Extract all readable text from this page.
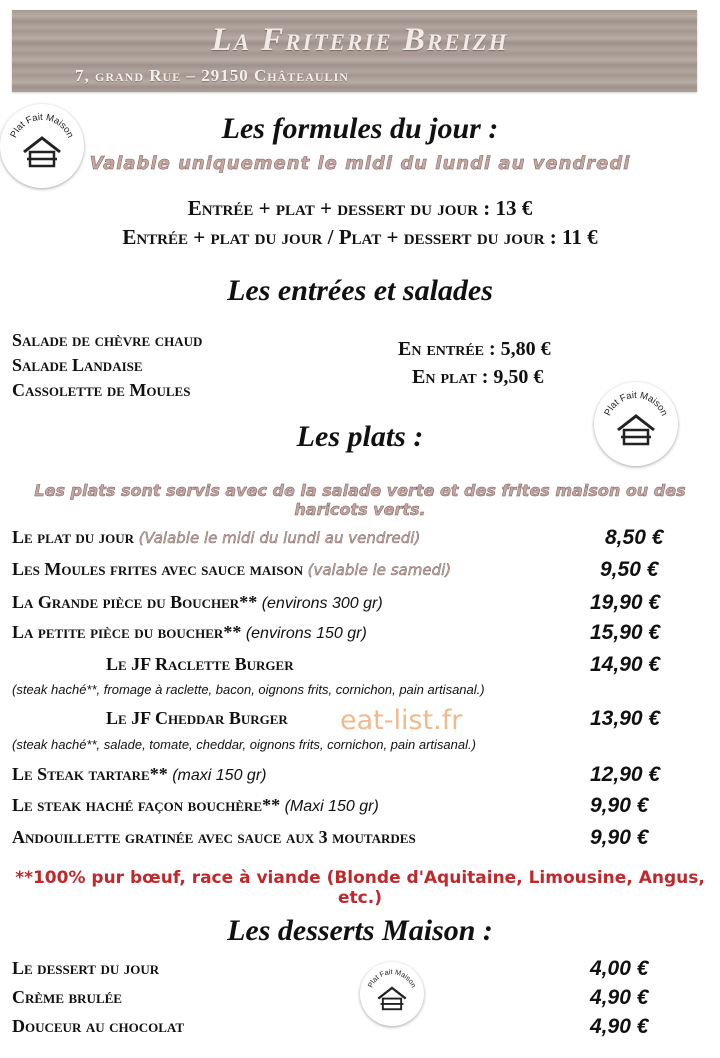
La Friterie Breizh
7, grand Rue – 29150 Châteaulin
Plat Fait Maison
Plat Fait Maison
Plat Fait Maison
Les formules du jour :
Valable uniquement le midi du lundi au vendredi
Entrée + plat + dessert du jour : 13 €
Entrée + plat du jour / Plat + dessert du jour : 11 €
Les entrées et salades
Salade de chèvre chaud
Salade Landaise
Cassolette de Moules
En entrée : 5,80 €
En plat : 9,50 €
Les plats :
Les plats sont servis avec de la salade verte et des frites maison ou des haricots verts.
Le plat du jour (Valable le midi du lundi au vendredi)	8,50 €
Les Moules frites avec sauce maison (valable le samedi)	9,50 €
La Grande pièce du Boucher** (environs 300 gr)	19,90 €
La petite pièce du boucher** (environs 150 gr)	15,90 €
Le JF Raclette Burger	14,90 €
(steak haché**, fromage à raclette, bacon, oignons frits, cornichon, pain artisanal.)
Le JF Cheddar Burger eat-list.fr	13,90 €
(steak haché**, salade, tomate, cheddar, oignons frits, cornichon, pain artisanal.)
Le Steak tartare** (maxi 150 gr)	12,90 €
Le steak haché façon bouchère** (Maxi 150 gr)	9,90 €
Andouillette gratinée avec sauce aux 3 moutardes	9,90 €
**100% pur bœuf, race à viande (Blonde d'Aquitaine, Limousine, Angus, etc.)
Les desserts Maison :
Le dessert du jour	4,00 €
Crème brulée	4,90 €
Douceur au chocolat	4,90 €
